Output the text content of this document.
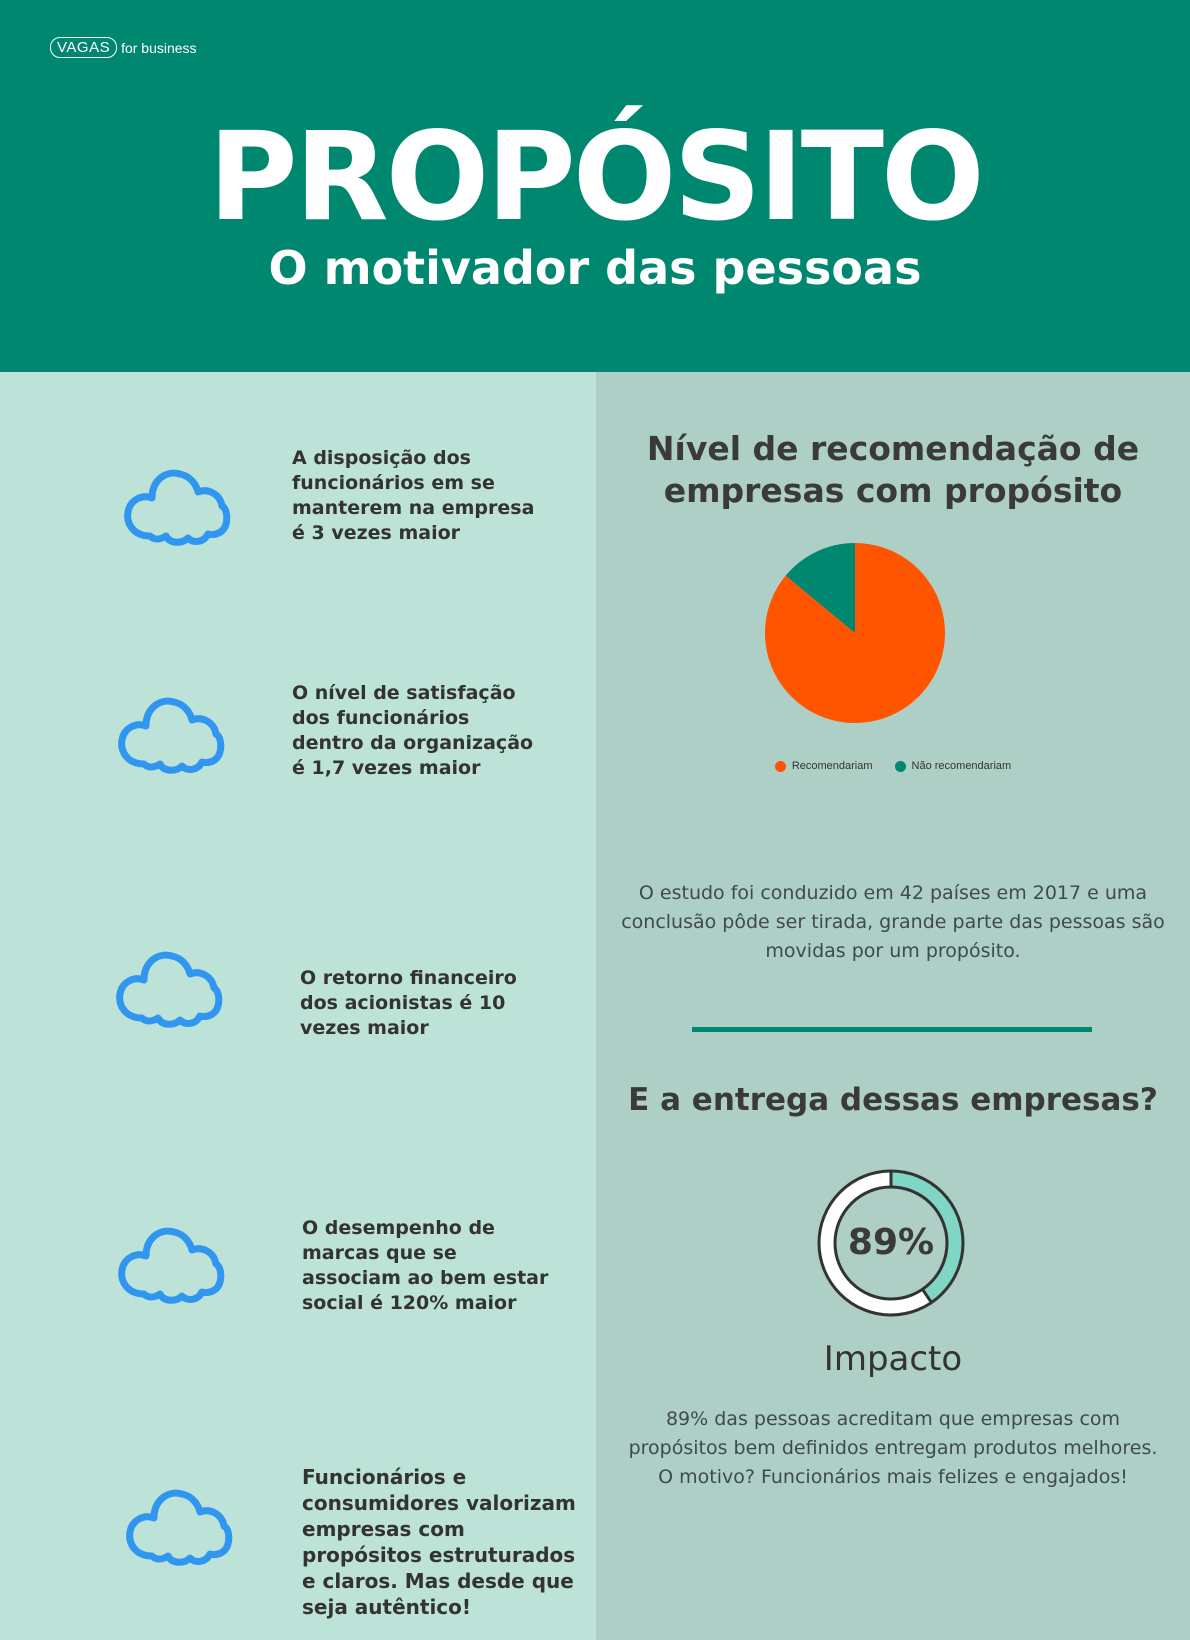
VAGAS for business
PROPÓSITO
O motivador das pessoas
A disposição dos funcionários em se manterem na empresa é 3 vezes maior
O nível de satisfação dos funcionários dentro da organização é 1,7 vezes maior
O retorno financeiro dos acionistas é 10 vezes maior
O desempenho de marcas que se associam ao bem estar social é 120% maior
Funcionários e consumidores valorizam empresas com propósitos estruturados e claros. Mas desde que seja autêntico!
Nível de recomendação de empresas com propósito
Recomendariam	Não recomendariam
O estudo foi conduzido em 42 países em 2017 e uma conclusão pôde ser tirada, grande parte das pessoas são movidas por um propósito.
E a entrega dessas empresas?
89%
Impacto
89% das pessoas acreditam que empresas com propósitos bem definidos entregam produtos melhores. O motivo? Funcionários mais felizes e engajados!
